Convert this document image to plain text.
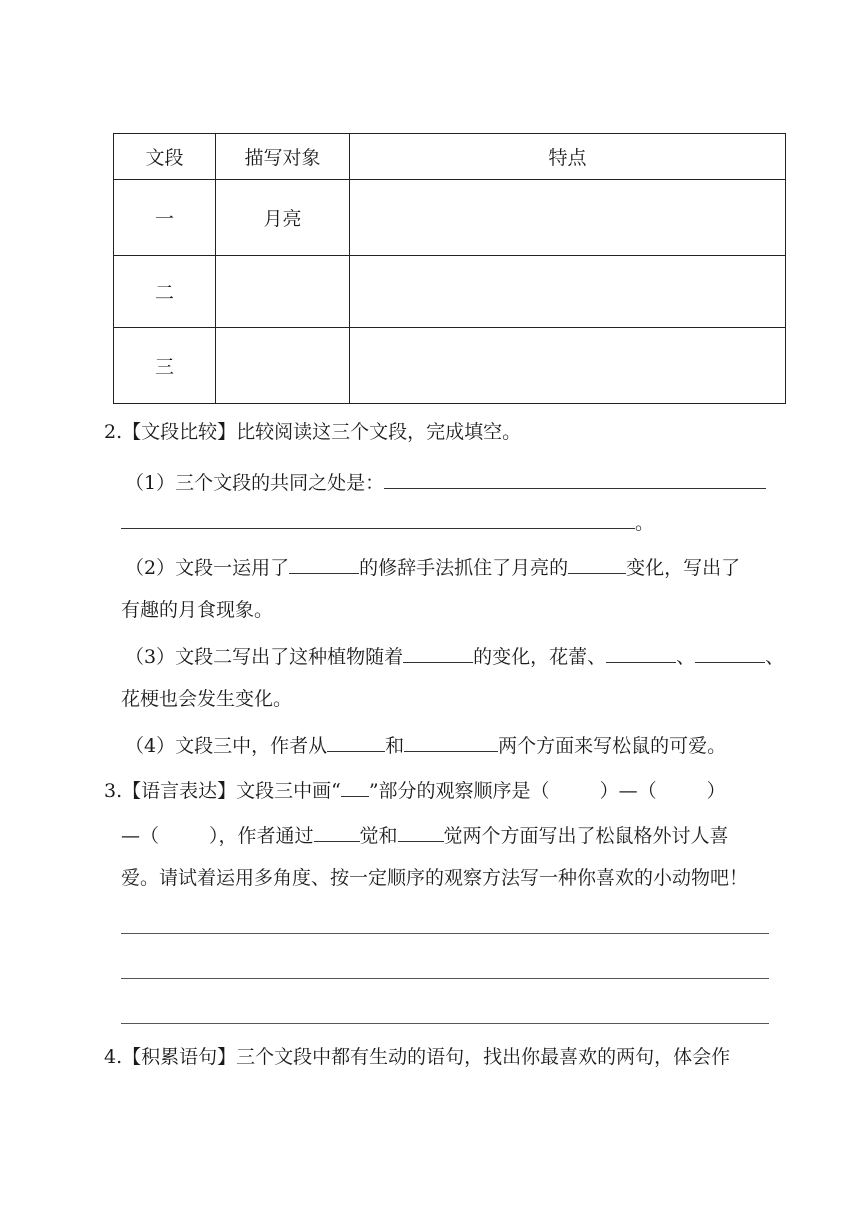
文段	描写对象	特点
一	月亮	
二		
三		
2.【文段比较】比较阅读这三个文段，完成填空。
（1）三个文段的共同之处是：
。
（2）文段一运用了	的修辞手法抓住了月亮的	变化，写出了
有趣的月食现象。
（3）文段二写出了这种植物随着	的变化，花蕾、	、	、
花梗也会发生变化。
（4）文段三中，作者从	和	两个方面来写松鼠的可爱。
3.【语言表达】文段三中画“ ”部分的观察顺序是（	）—（	）
—（	），作者通过 觉和 觉两个方面写出了松鼠格外讨人喜
爱。请试着运用多角度、按一定顺序的观察方法写一种你喜欢的小动物吧！
4.【积累语句】三个文段中都有生动的语句，找出你最喜欢的两句，体会作
